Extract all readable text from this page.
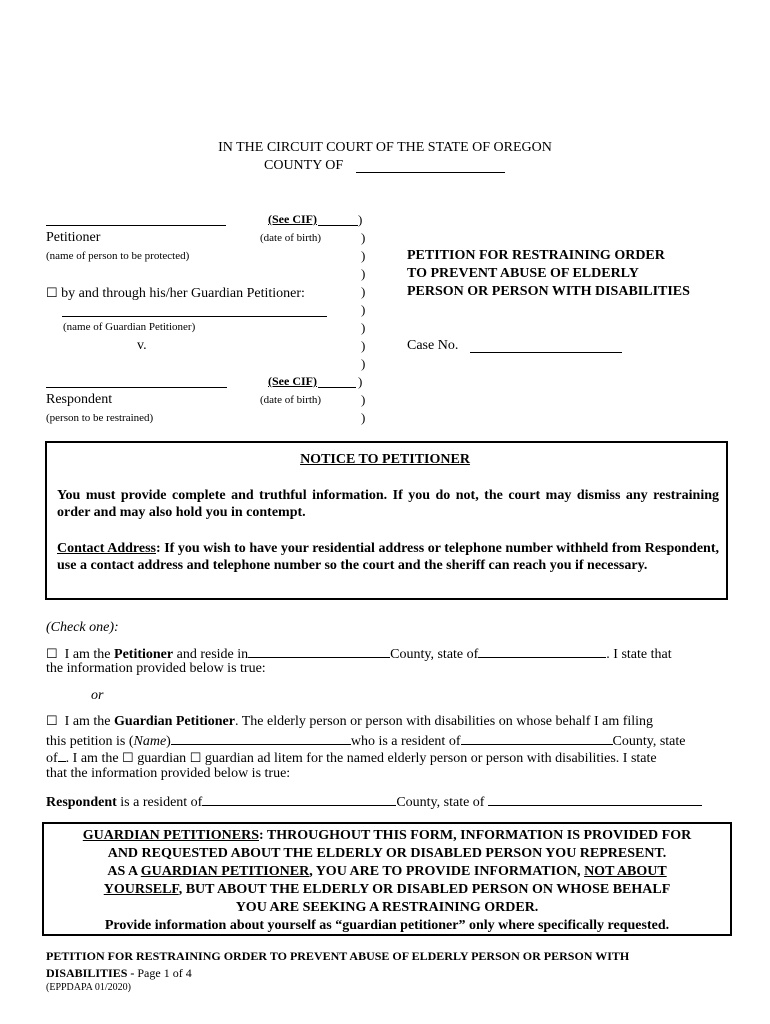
IN THE CIRCUIT COURT OF THE STATE OF OREGON
COUNTY OF
(See CIF)
Petitioner	(date of birth)
(name of person to be protected)
☐ by and through his/her Guardian Petitioner:
(name of Guardian Petitioner)
v.
(See CIF)
Respondent	(date of birth)
(person to be restrained)
)
)
)
)
)
)
)
)
)
)
)
)
PETITION FOR RESTRAINING ORDER
TO PREVENT ABUSE OF ELDERLY
PERSON OR PERSON WITH DISABILITIES
Case No.
NOTICE TO PETITIONER
You must provide complete and truthful information. If you do not, the court may dismiss any restraining order and may also hold you in contempt.
Contact Address: If you wish to have your residential address or telephone number withheld from Respondent, use a contact address and telephone number so the court and the sheriff can reach you if necessary.
(Check one):
☐ I am the Petitioner and reside in	County, state of	. I state that
the information provided below is true:
or
☐ I am the Guardian Petitioner. The elderly person or person with disabilities on whose behalf I am filing
this petition is (Name)	who is a resident of	County, state
of . I am the ☐ guardian ☐ guardian ad litem for the named elderly person or person with disabilities. I state
that the information provided below is true:
Respondent is a resident of	County, state of
GUARDIAN PETITIONERS: THROUGHOUT THIS FORM, INFORMATION IS PROVIDED FOR
AND REQUESTED ABOUT THE ELDERLY OR DISABLED PERSON YOU REPRESENT.
AS A GUARDIAN PETITIONER, YOU ARE TO PROVIDE INFORMATION, NOT ABOUT
YOURSELF, BUT ABOUT THE ELDERLY OR DISABLED PERSON ON WHOSE BEHALF
YOU ARE SEEKING A RESTRAINING ORDER.
Provide information about yourself as “guardian petitioner” only where specifically requested.
PETITION FOR RESTRAINING ORDER TO PREVENT ABUSE OF ELDERLY PERSON OR PERSON WITH
DISABILITIES - Page 1 of 4
(EPPDAPA 01/2020)
